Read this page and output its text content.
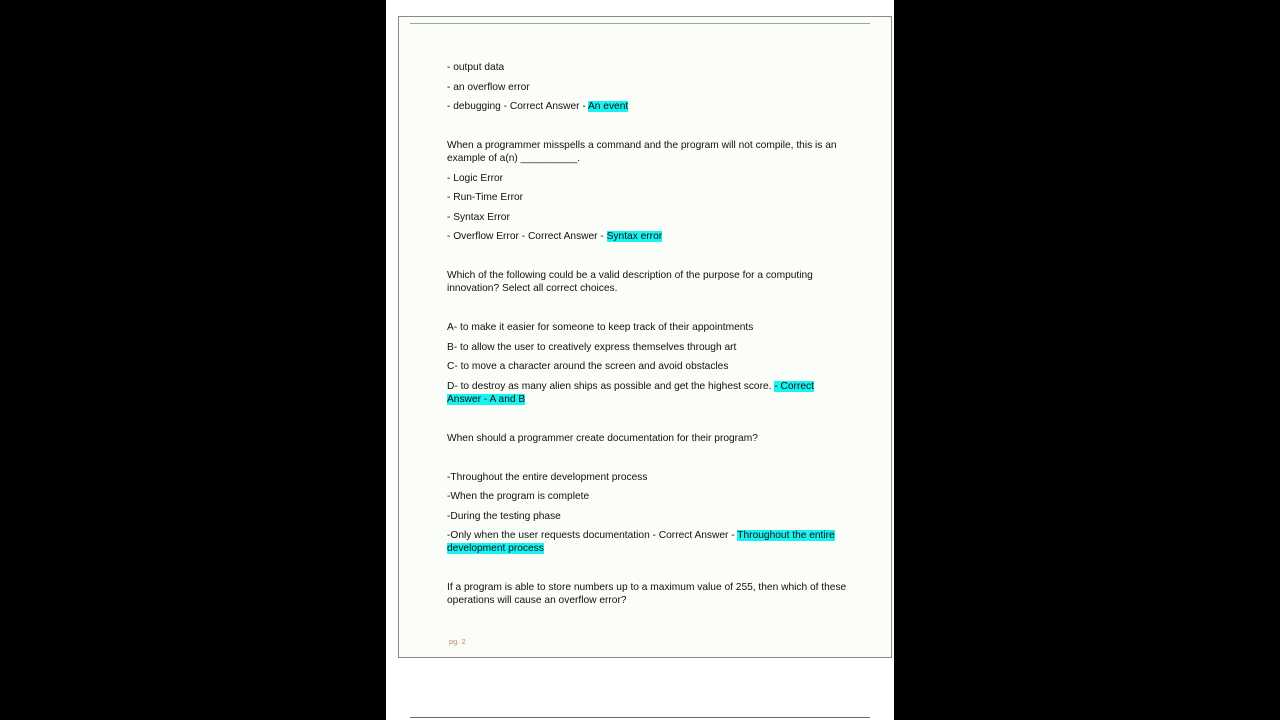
- output data
- an overflow error
- debugging - Correct Answer - An event
When a programmer misspells a command and the program will not compile, this is an example of a(n) __________.
- Logic Error
- Run-Time Error
- Syntax Error
- Overflow Error - Correct Answer - Syntax error
Which of the following could be a valid description of the purpose for a computing innovation? Select all correct choices.
A- to make it easier for someone to keep track of their appointments
B- to allow the user to creatively express themselves through art
C- to move a character around the screen and avoid obstacles
D- to destroy as many alien ships as possible and get the highest score. - Correct
Answer - A and B
When should a programmer create documentation for their program?
-Throughout the entire development process
-When the program is complete
-During the testing phase
-Only when the user requests documentation - Correct Answer - Throughout the entire
development process
If a program is able to store numbers up to a maximum value of 255, then which of these operations will cause an overflow error?
pg. 2
